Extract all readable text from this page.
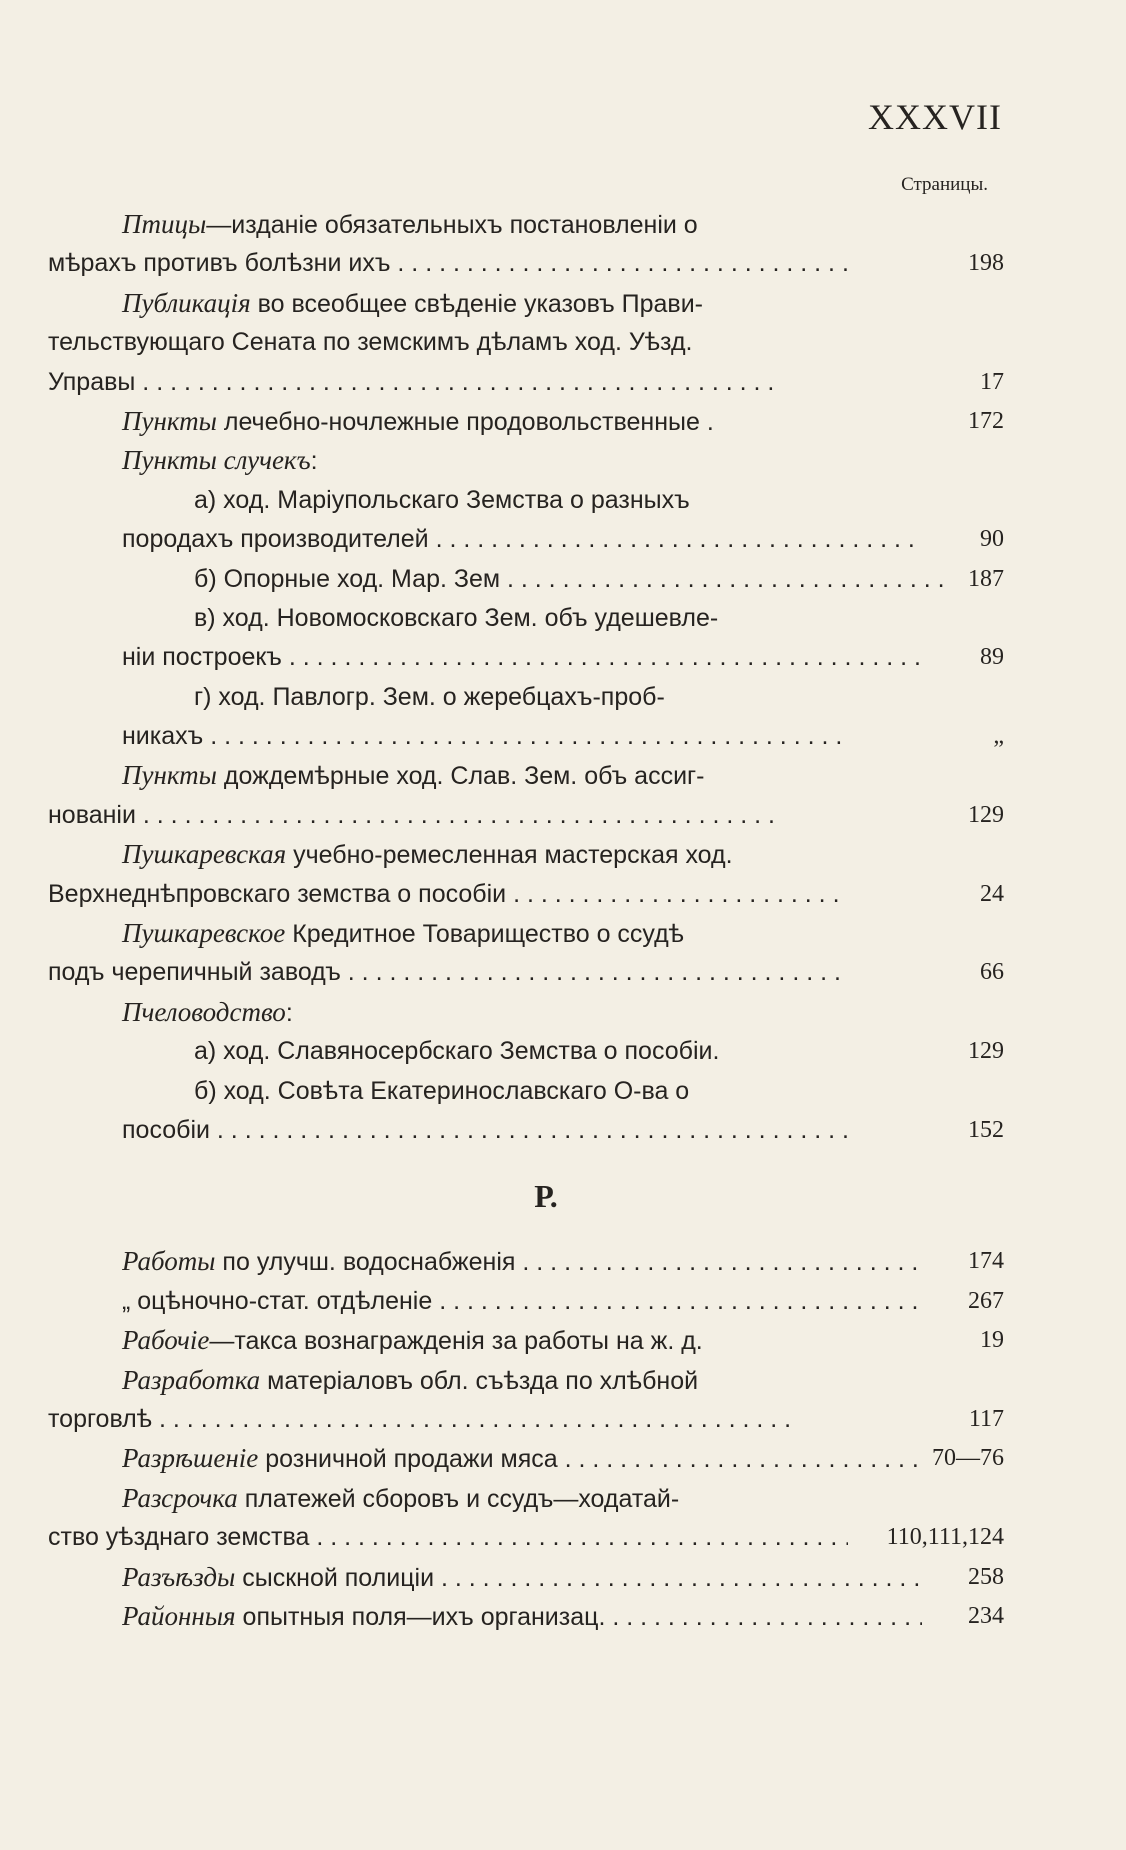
XXXVII
Страницы.
Птицы—изданіе обязательныхъ постановленіи о
мѣрахъ противъ болѣзни ихъ . . .	198
Публикація во всеобщее свѣденіе указовъ Прави-
тельствующаго Сената по земскимъ дѣламъ ход. Уѣзд.
Управы . . .	17
Пункты лечебно-ночлежные продовольственные .	172
Пункты случекъ:
а) ход. Маріупольскаго Земства о разныхъ
породахъ производителей . . .	90
б) Опорные ход. Мар. Зем . . .	187
в) ход. Новомосковскаго Зем. объ удешевле-
ніи построекъ . . .	89
г) ход. Павлогр. Зем. о жеребцахъ-проб-
никахъ . . .	„
Пункты дождемѣрные ход. Слав. Зем. объ ассиг-
нованіи . . .	129
Пушкаревская учебно-ремесленная мастерская ход.
Верхнеднѣпровскаго земства о пособіи . . .	24
Пушкаревское Кредитное Товарищество о ссудѣ
подъ черепичный заводъ . . .	66
Пчеловодство:
а) ход. Славяносербскаго Земства о пособіи.	129
б) ход. Совѣта Екатеринославскаго О-ва о
пособіи . . .	152
Р.
Работы по улучш. водоснабженія . . .	174
„ оцѣночно-стат. отдѣленіе . . .	267
Рабочіе—такса вознагражденія за работы на ж. д.	19
Разработка матеріаловъ обл. съѣзда по хлѣбной
торговлѣ . . .	117
Разрѣшеніе розничной продажи мяса . . .	70—76
Разсрочка платежей сборовъ и ссудъ—ходатай-
ство уѣзднаго земства . . .	110,111,124
Разъѣзды сыскной полиціи . . .	258
Районныя опытныя поля—ихъ организац. . . .	234
